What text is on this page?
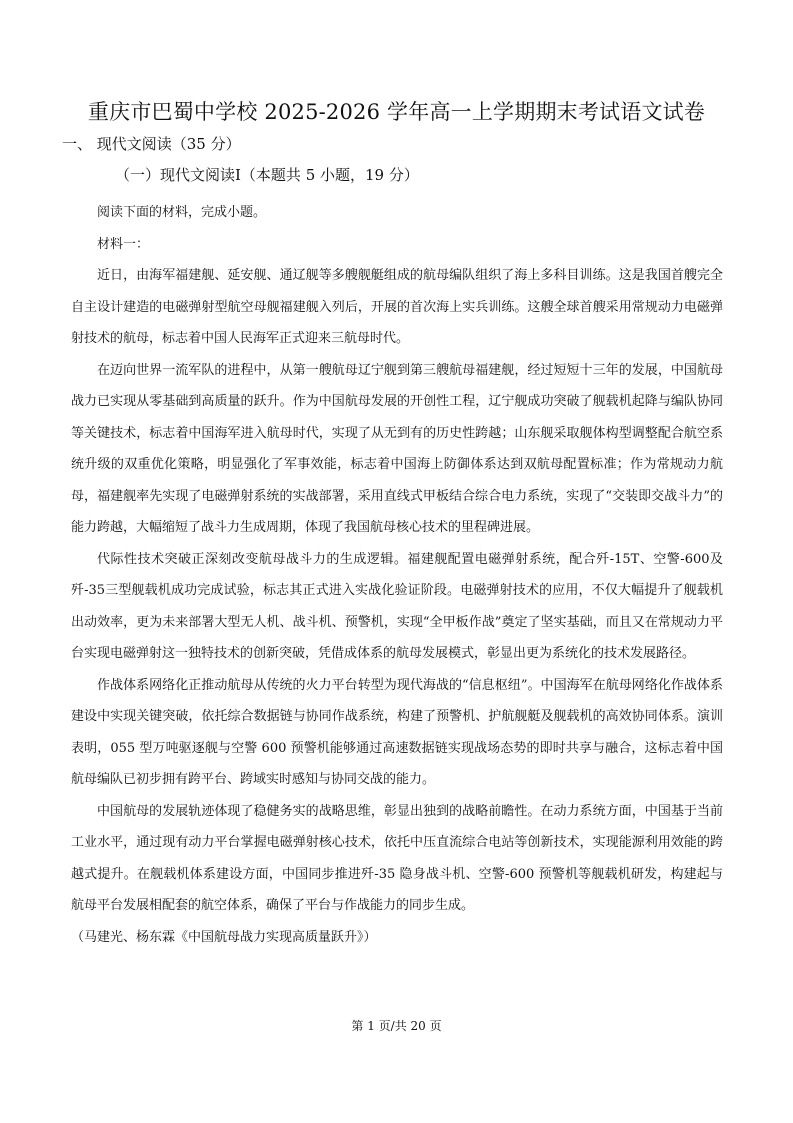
重庆市巴蜀中学校 2025-2026 学年高一上学期期末考试语文试卷
一、 现代文阅读（35 分）
（一）现代文阅读Ⅰ（本题共 5 小题，19 分）

阅读下面的材料，完成小题。

材料一：

近日，由海军福建舰、延安舰、通辽舰等多艘舰艇组成的航母编队组织了海上多科目训练。这是我国首艘完全自主设计建造的电磁弹射型航空母舰福建舰入列后，开展的首次海上实兵训练。这艘全球首艘采用常规动力电磁弹射技术的航母，标志着中国人民海军正式迎来三航母时代。

在迈向世界一流军队的进程中，从第一艘航母辽宁舰到第三艘航母福建舰，经过短短十三年的发展，中国航母战力已实现从零基础到高质量的跃升。作为中国航母发展的开创性工程，辽宁舰成功突破了舰载机起降与编队协同等关键技术，标志着中国海军进入航母时代，实现了从无到有的历史性跨越；山东舰采取舰体构型调整配合航空系统升级的双重优化策略，明显强化了军事效能，标志着中国海上防御体系达到双航母配置标准；作为常规动力航母，福建舰率先实现了电磁弹射系统的实战部署，采用直线式甲板结合综合电力系统，实现了“交装即交战斗力”的能力跨越，大幅缩短了战斗力生成周期，体现了我国航母核心技术的里程碑进展。

代际性技术突破正深刻改变航母战斗力的生成逻辑。福建舰配置电磁弹射系统，配合歼-15T、空警-600及歼-35三型舰载机成功完成试验，标志其正式进入实战化验证阶段。电磁弹射技术的应用，不仅大幅提升了舰载机出动效率，更为未来部署大型无人机、战斗机、预警机，实现“全甲板作战”奠定了坚实基础，而且又在常规动力平台实现电磁弹射这一独特技术的创新突破，凭借成体系的航母发展模式，彰显出更为系统化的技术发展路径。

作战体系网络化正推动航母从传统的火力平台转型为现代海战的“信息枢纽”。中国海军在航母网络化作战体系建设中实现关键突破，依托综合数据链与协同作战系统，构建了预警机、护航舰艇及舰载机的高效协同体系。演训表明，055 型万吨驱逐舰与空警 600 预警机能够通过高速数据链实现战场态势的即时共享与融合，这标志着中国航母编队已初步拥有跨平台、跨域实时感知与协同交战的能力。

中国航母的发展轨迹体现了稳健务实的战略思维，彰显出独到的战略前瞻性。在动力系统方面，中国基于当前工业水平，通过现有动力平台掌握电磁弹射核心技术，依托中压直流综合电站等创新技术，实现能源利用效能的跨越式提升。在舰载机体系建设方面，中国同步推进歼-35 隐身战斗机、空警-600 预警机等舰载机研发，构建起与航母平台发展相配套的航空体系，确保了平台与作战能力的同步生成。

（马建光、杨东霖《中国航母战力实现高质量跃升》）

第 1 页/共 20 页
